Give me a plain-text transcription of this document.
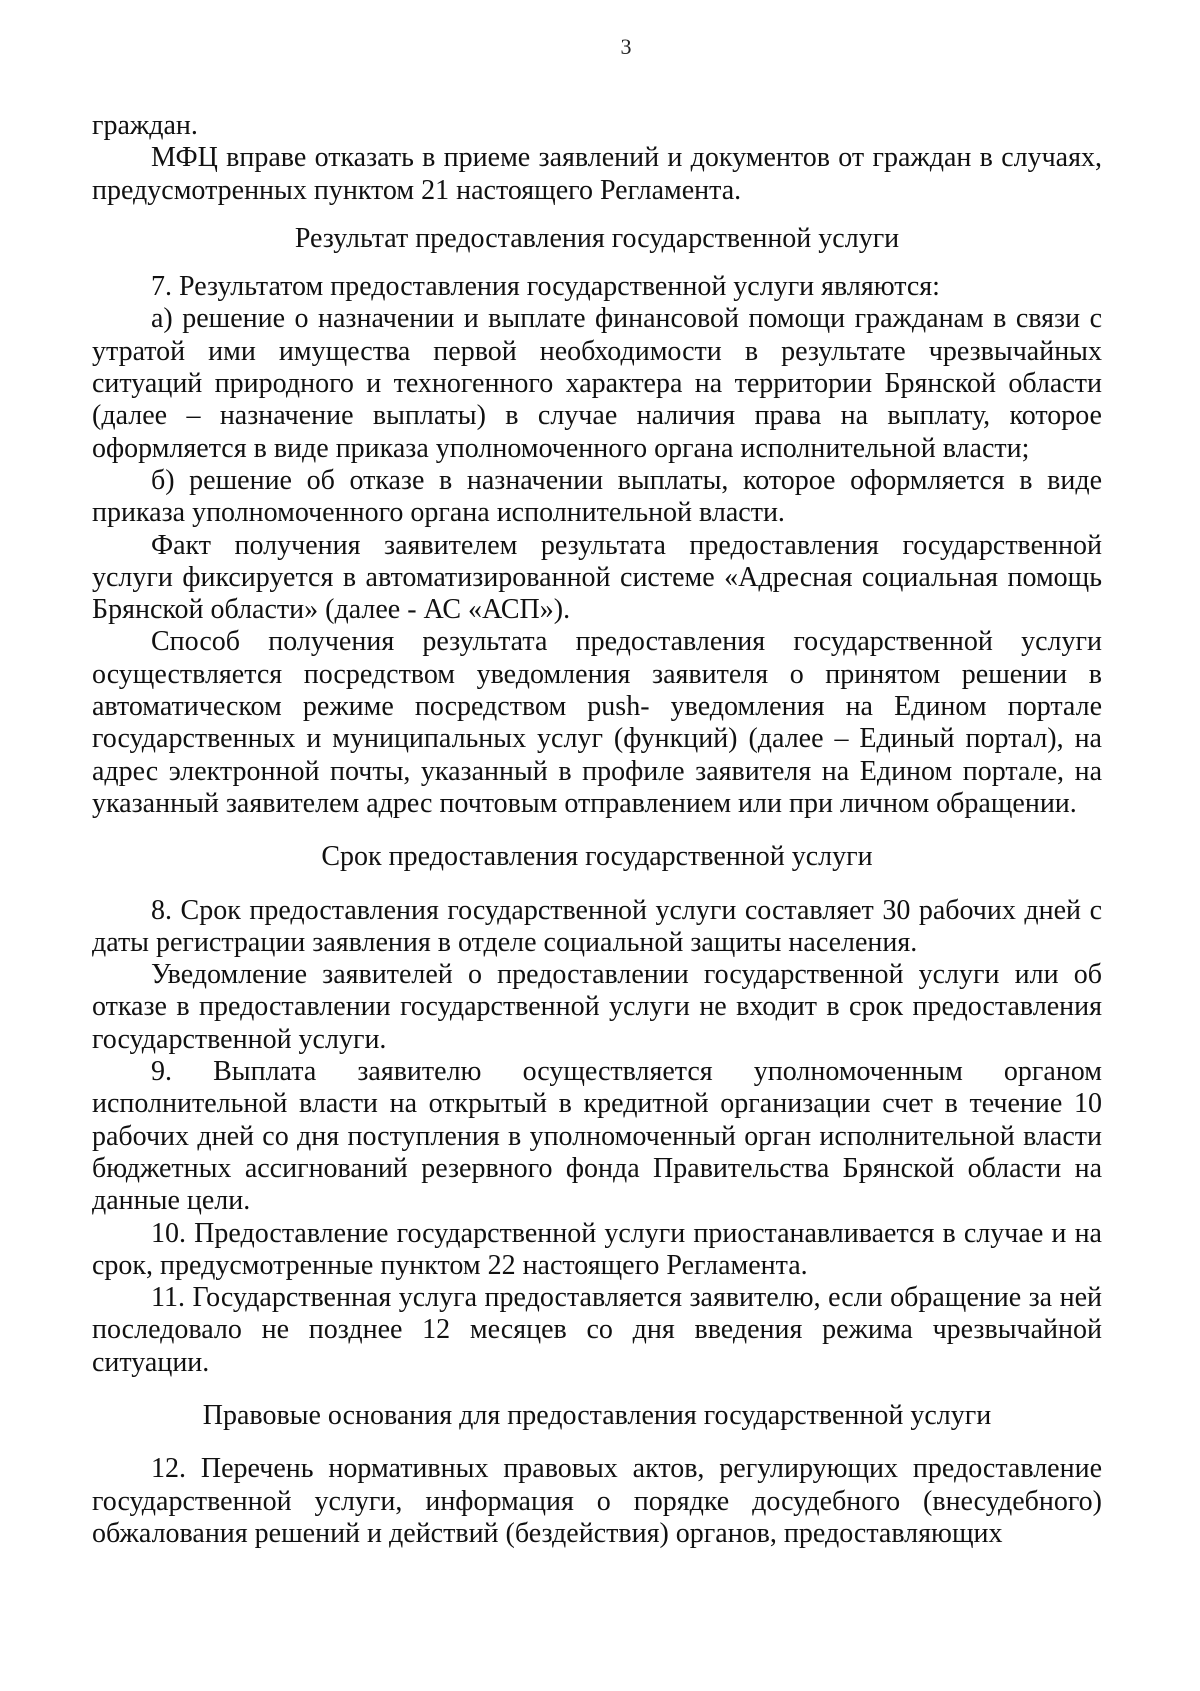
3

граждан.

МФЦ вправе отказать в приеме заявлений и документов от граждан в случаях, предусмотренных пунктом 21 настоящего Регламента.

Результат предоставления государственной услуги

7. Результатом предоставления государственной услуги являются:

а) решение о назначении и выплате финансовой помощи гражданам в связи с утратой ими имущества первой необходимости в результате чрезвычайных ситуаций природного и техногенного характера на территории Брянской области (далее – назначение выплаты) в случае наличия права на выплату, которое оформляется в виде приказа уполномоченного органа исполнительной власти;

б) решение об отказе в назначении выплаты, которое оформляется в виде приказа уполномоченного органа исполнительной власти.

Факт получения заявителем результата предоставления государственной услуги фиксируется в автоматизированной системе «Адресная социальная помощь Брянской области» (далее - АС «АСП»).

Способ получения результата предоставления государственной услуги осуществляется посредством уведомления заявителя о принятом решении в автоматическом режиме посредством push- уведомления на Едином портале государственных и муниципальных услуг (функций) (далее – Единый портал), на адрес электронной почты, указанный в профиле заявителя на Едином портале, на указанный заявителем адрес почтовым отправлением или при личном обращении.

Срок предоставления государственной услуги

8. Срок предоставления государственной услуги составляет 30 рабочих дней с даты регистрации заявления в отделе социальной защиты населения.

Уведомление заявителей о предоставлении государственной услуги или об отказе в предоставлении государственной услуги не входит в срок предоставления государственной услуги.

9. Выплата заявителю осуществляется уполномоченным органом исполнительной власти на открытый в кредитной организации счет в течение 10 рабочих дней со дня поступления в уполномоченный орган исполнительной власти бюджетных ассигнований резервного фонда Правительства Брянской области на данные цели.

10. Предоставление государственной услуги приостанавливается в случае и на срок, предусмотренные пунктом 22 настоящего Регламента.

11. Государственная услуга предоставляется заявителю, если обращение за ней последовало не позднее 12 месяцев со дня введения режима чрезвычайной ситуации.

Правовые основания для предоставления государственной услуги

12. Перечень нормативных правовых актов, регулирующих предоставление государственной услуги, информация о порядке досудебного (внесудебного) обжалования решений и действий (бездействия) органов, предоставляющих
